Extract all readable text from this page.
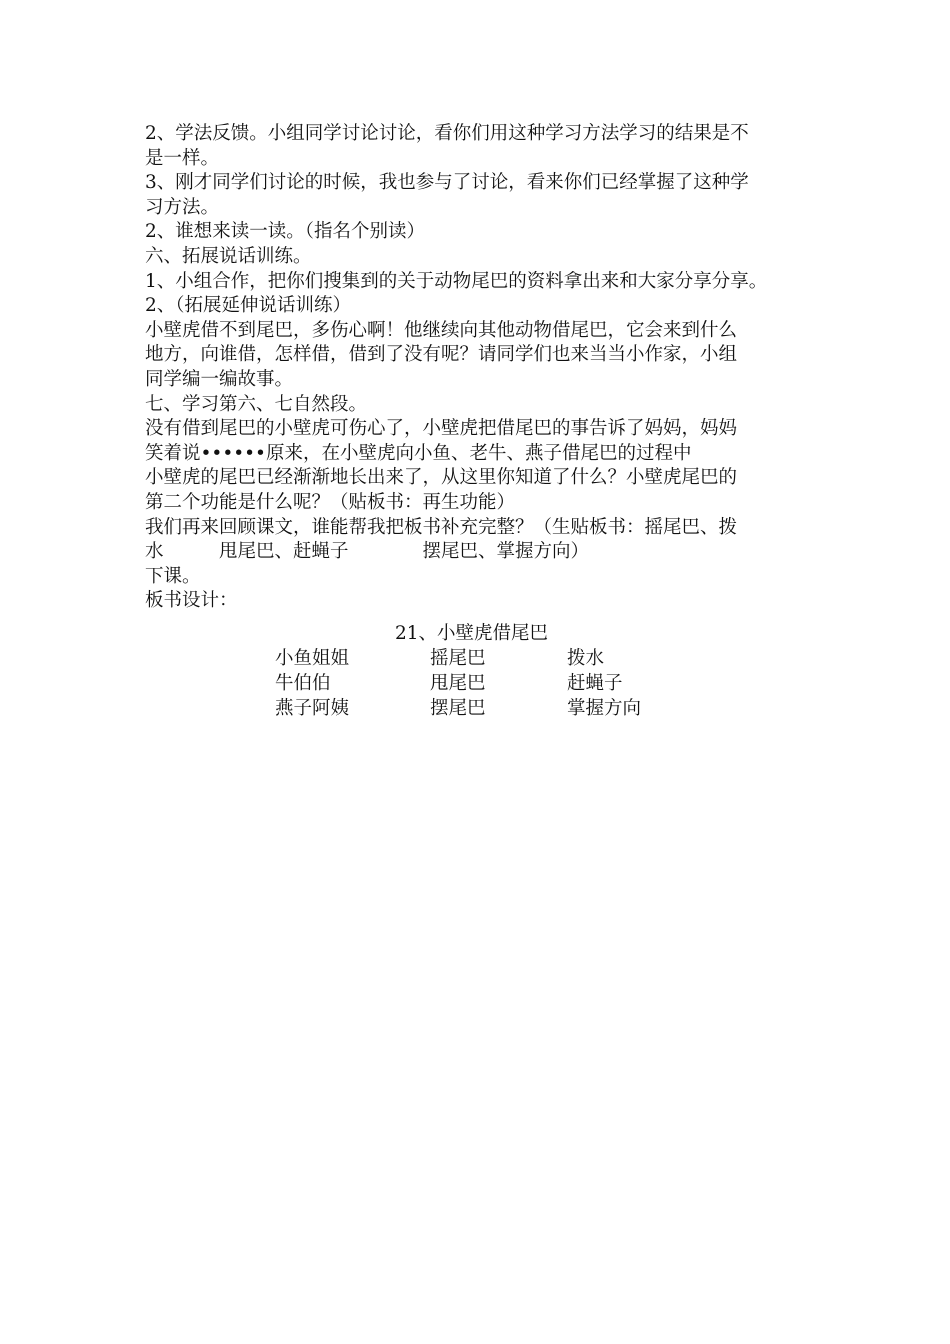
2、学法反馈。小组同学讨论讨论，看你们用这种学习方法学习的结果是不
是一样。
3、刚才同学们讨论的时候，我也参与了讨论，看来你们已经掌握了这种学
习方法。
2、谁想来读一读。（指名个别读）
六、拓展说话训练。
1、小组合作，把你们搜集到的关于动物尾巴的资料拿出来和大家分享分享。
2、（拓展延伸说话训练）
小壁虎借不到尾巴，多伤心啊！他继续向其他动物借尾巴，它会来到什么
地方，向谁借，怎样借，借到了没有呢？请同学们也来当当小作家，小组
同学编一编故事。
七、学习第六、七自然段。
没有借到尾巴的小壁虎可伤心了，小壁虎把借尾巴的事告诉了妈妈，妈妈
笑着说••••••原来，在小壁虎向小鱼、老牛、燕子借尾巴的过程中
小壁虎的尾巴已经渐渐地长出来了，从这里你知道了什么？小壁虎尾巴的
第二个功能是什么呢？（贴板书：再生功能）
我们再来回顾课文，谁能帮我把板书补充完整？（生贴板书：摇尾巴、拨
水　　　甩尾巴、赶蝇子　　　　摆尾巴、掌握方向）
下课。
板书设计：
21、小壁虎借尾巴
小鱼姐姐	摇尾巴	拨水
牛伯伯	甩尾巴	赶蝇子
燕子阿姨	摆尾巴	掌握方向
